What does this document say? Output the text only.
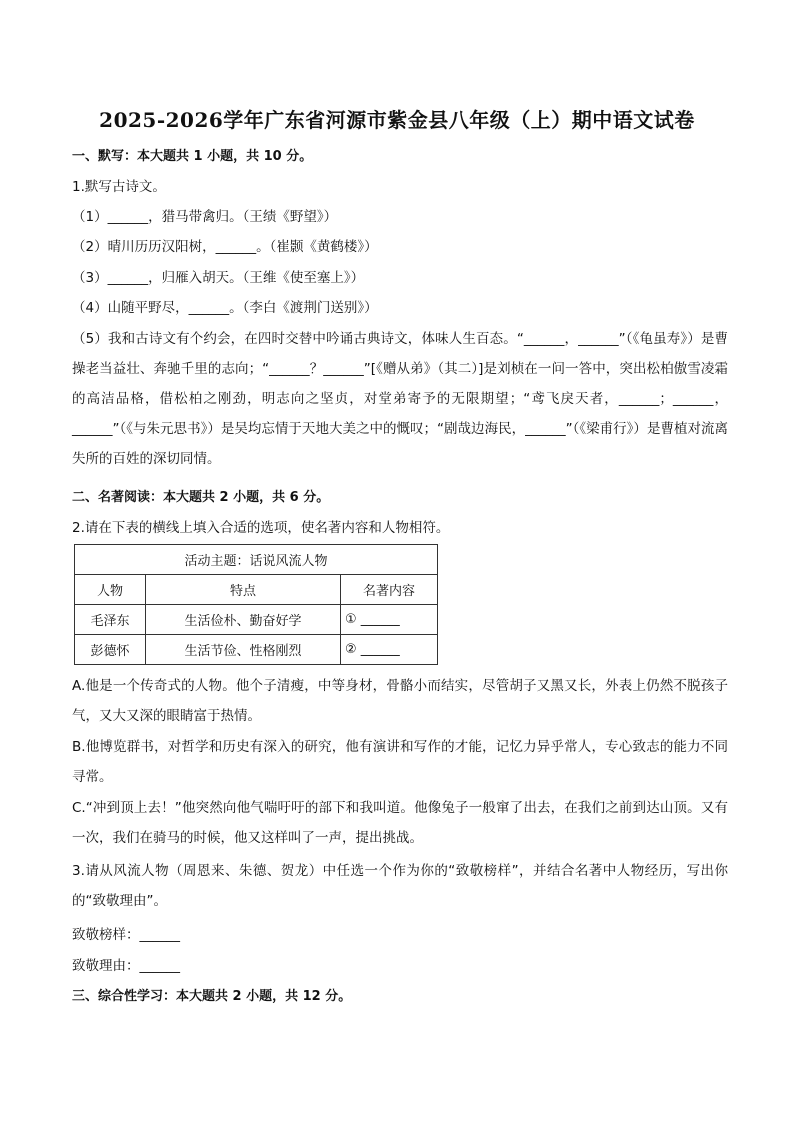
2025-2026学年广东省河源市紫金县八年级（上）期中语文试卷
一、默写：本大题共 1 小题，共 10 分。
1.默写古诗文。
（1）______，猎马带禽归。（王绩《野望》）
（2）晴川历历汉阳树，______。（崔颢《黄鹤楼》）
（3）______，归雁入胡天。（王维《使至塞上》）
（4）山随平野尽，______。（李白《渡荆门送别》）
（5）我和古诗文有个约会，在四时交替中吟诵古典诗文，体味人生百态。“______，______”（《龟虽寿》）是曹操老当益壮、奔驰千里的志向；“______？______”[《赠从弟》（其二）]是刘桢在一问一答中，突出松柏傲雪凌霜的高洁品格，借松柏之刚劲，明志向之坚贞，对堂弟寄予的无限期望；“鸢飞戾天者，______；______，______”（《与朱元思书》）是吴均忘情于天地大美之中的慨叹；“剧哉边海民，______”（《梁甫行》）是曹植对流离失所的百姓的深切同情。
二、名著阅读：本大题共 2 小题，共 6 分。
2.请在下表的横线上填入合适的选项，使名著内容和人物相符。
活动主题：话说风流人物		
人物	特点	名著内容
毛泽东	生活俭朴、勤奋好学	① ______
彭德怀	生活节俭、性格刚烈	② ______
A.他是一个传奇式的人物。他个子清瘦，中等身材，骨骼小而结实，尽管胡子又黑又长，外表上仍然不脱孩子气，又大又深的眼睛富于热情。
B.他博览群书，对哲学和历史有深入的研究，他有演讲和写作的才能，记忆力异乎常人，专心致志的能力不同寻常。
C.“冲到顶上去！”他突然向他气喘吁吁的部下和我叫道。他像兔子一般窜了出去，在我们之前到达山顶。又有一次，我们在骑马的时候，他又这样叫了一声，提出挑战。
3.请从风流人物（周恩来、朱德、贺龙）中任选一个作为你的“致敬榜样”，并结合名著中人物经历，写出你的“致敬理由”。
致敬榜样：______
致敬理由：______
三、综合性学习：本大题共 2 小题，共 12 分。
